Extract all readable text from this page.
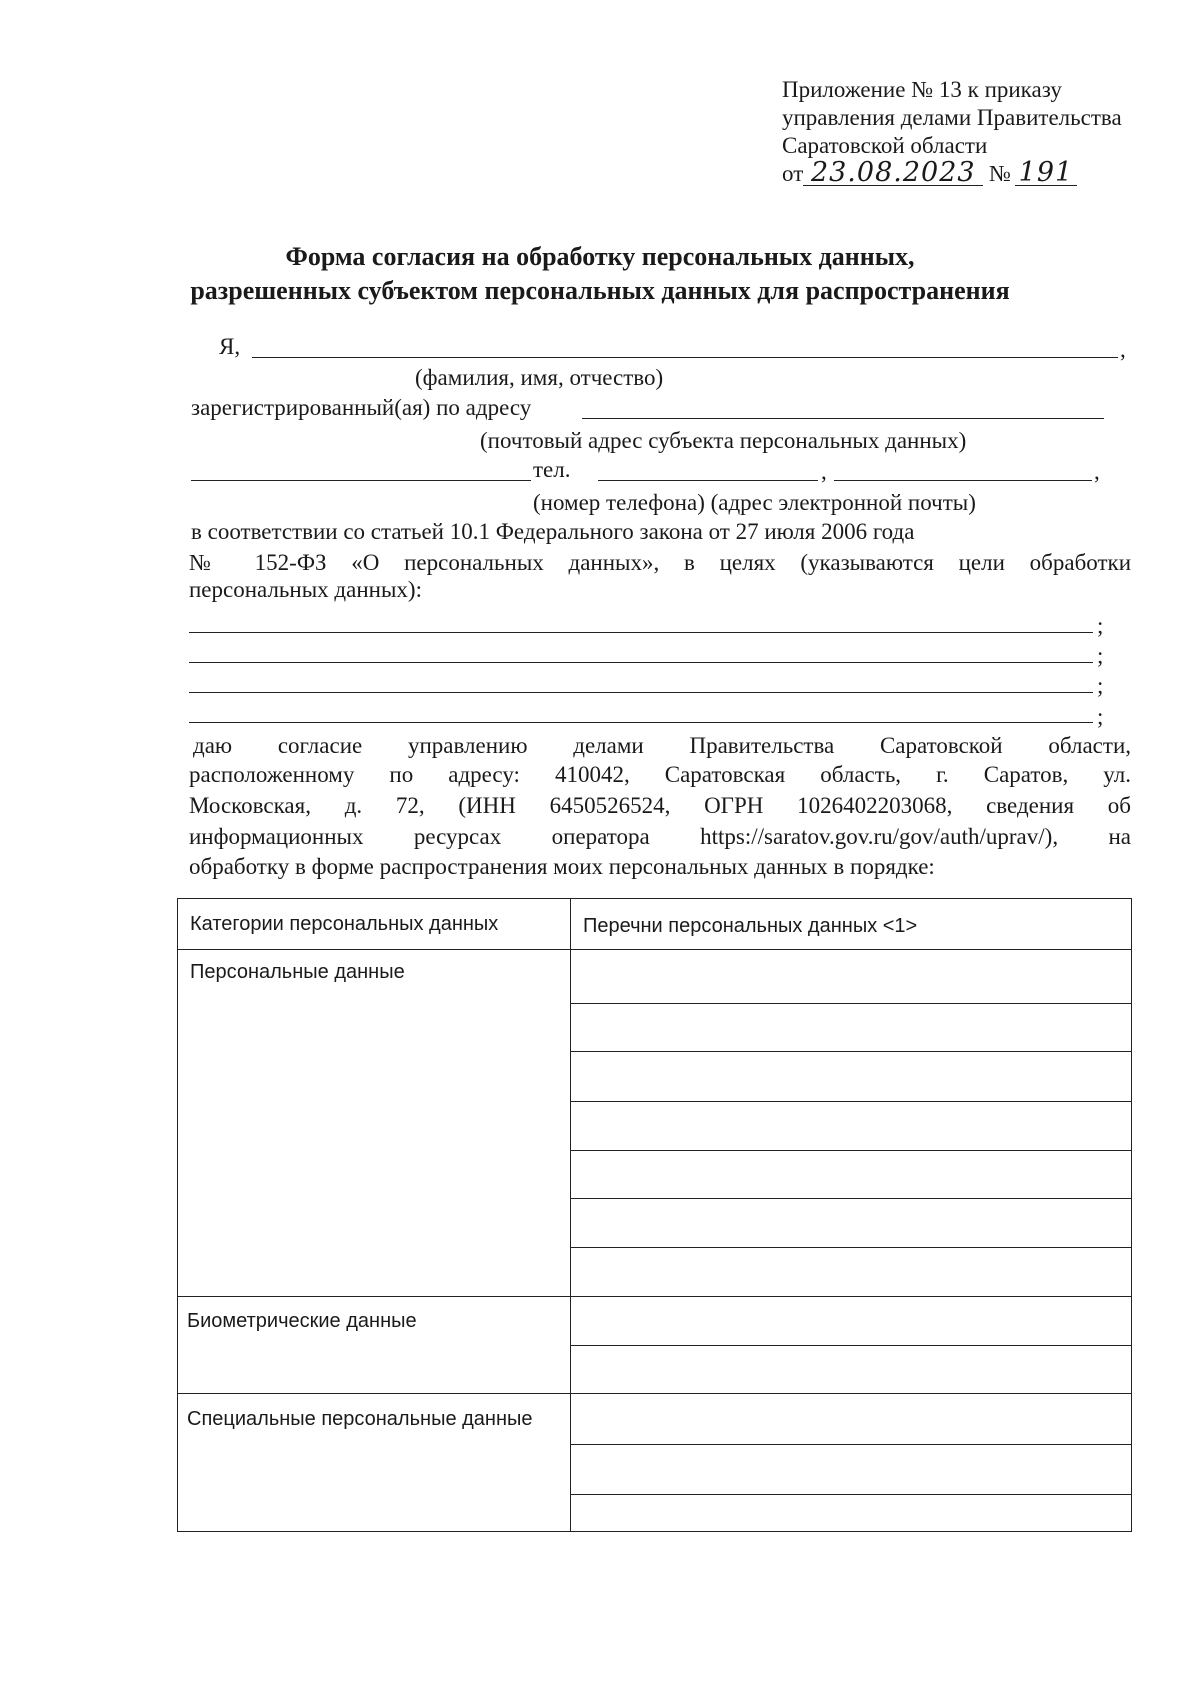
Приложение № 13 к приказу
управления делами Правительства
Саратовской области
от 23.08.2023 № 191
Форма согласия на обработку персональных данных,
разрешенных субъектом персональных данных для распространения
Я,	,
(фамилия, имя, отчество)
зарегистрированный(ая) по адресу
(почтовый адрес субъекта персональных данных)
тел.	,	,
(номер телефона) (адрес электронной почты)
в соответствии со статьей 10.1 Федерального закона от 27 июля 2006 года
№ 152-ФЗ «О персональных данных», в целях (указываются цели обработки
персональных данных):
;
;
;
;
даю согласие управлению делами Правительства Саратовской области,
расположенному по адресу: 410042, Саратовская область, г. Саратов, ул.
Московская, д. 72, (ИНН 6450526524, ОГРН 1026402203068, сведения об
информационных ресурсах оператора https://saratov.gov.ru/gov/auth/uprav/), на
обработку в форме распространения моих персональных данных в порядке:
Категории персональных данных	Перечни персональных данных <1>
Персональные данные
Биометрические данные
Специальные персональные данные
